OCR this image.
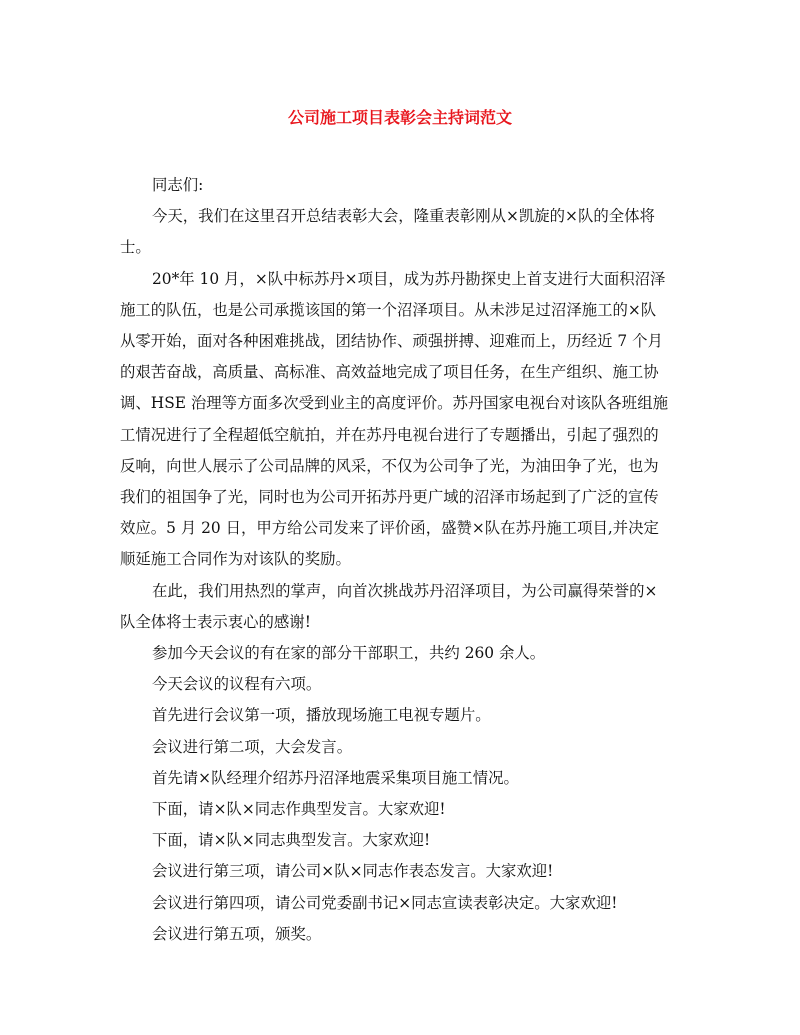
公司施工项目表彰会主持词范文
同志们:
今天，我们在这里召开总结表彰大会，隆重表彰刚从×凯旋的×队的全体将
士。
20*年 10 月，×队中标苏丹×项目，成为苏丹勘探史上首支进行大面积沼泽
施工的队伍，也是公司承揽该国的第一个沼泽项目。从未涉足过沼泽施工的×队
从零开始，面对各种困难挑战，团结协作、顽强拼搏、迎难而上，历经近 7 个月
的艰苦奋战，高质量、高标准、高效益地完成了项目任务，在生产组织、施工协
调、HSE 治理等方面多次受到业主的高度评价。苏丹国家电视台对该队各班组施
工情况进行了全程超低空航拍，并在苏丹电视台进行了专题播出，引起了强烈的
反响，向世人展示了公司品牌的风采，不仅为公司争了光，为油田争了光，也为
我们的祖国争了光，同时也为公司开拓苏丹更广域的沼泽市场起到了广泛的宣传
效应。5 月 20 日，甲方给公司发来了评价函，盛赞×队在苏丹施工项目,并决定
顺延施工合同作为对该队的奖励。
在此，我们用热烈的掌声，向首次挑战苏丹沼泽项目，为公司赢得荣誉的×
队全体将士表示衷心的感谢!
参加今天会议的有在家的部分干部职工，共约 260 余人。
今天会议的议程有六项。
首先进行会议第一项，播放现场施工电视专题片。
会议进行第二项，大会发言。
首先请×队经理介绍苏丹沼泽地震采集项目施工情况。
下面，请×队×同志作典型发言。大家欢迎!
下面，请×队×同志典型发言。大家欢迎!
会议进行第三项，请公司×队×同志作表态发言。大家欢迎!
会议进行第四项，请公司党委副书记×同志宣读表彰决定。大家欢迎!
会议进行第五项，颁奖。
